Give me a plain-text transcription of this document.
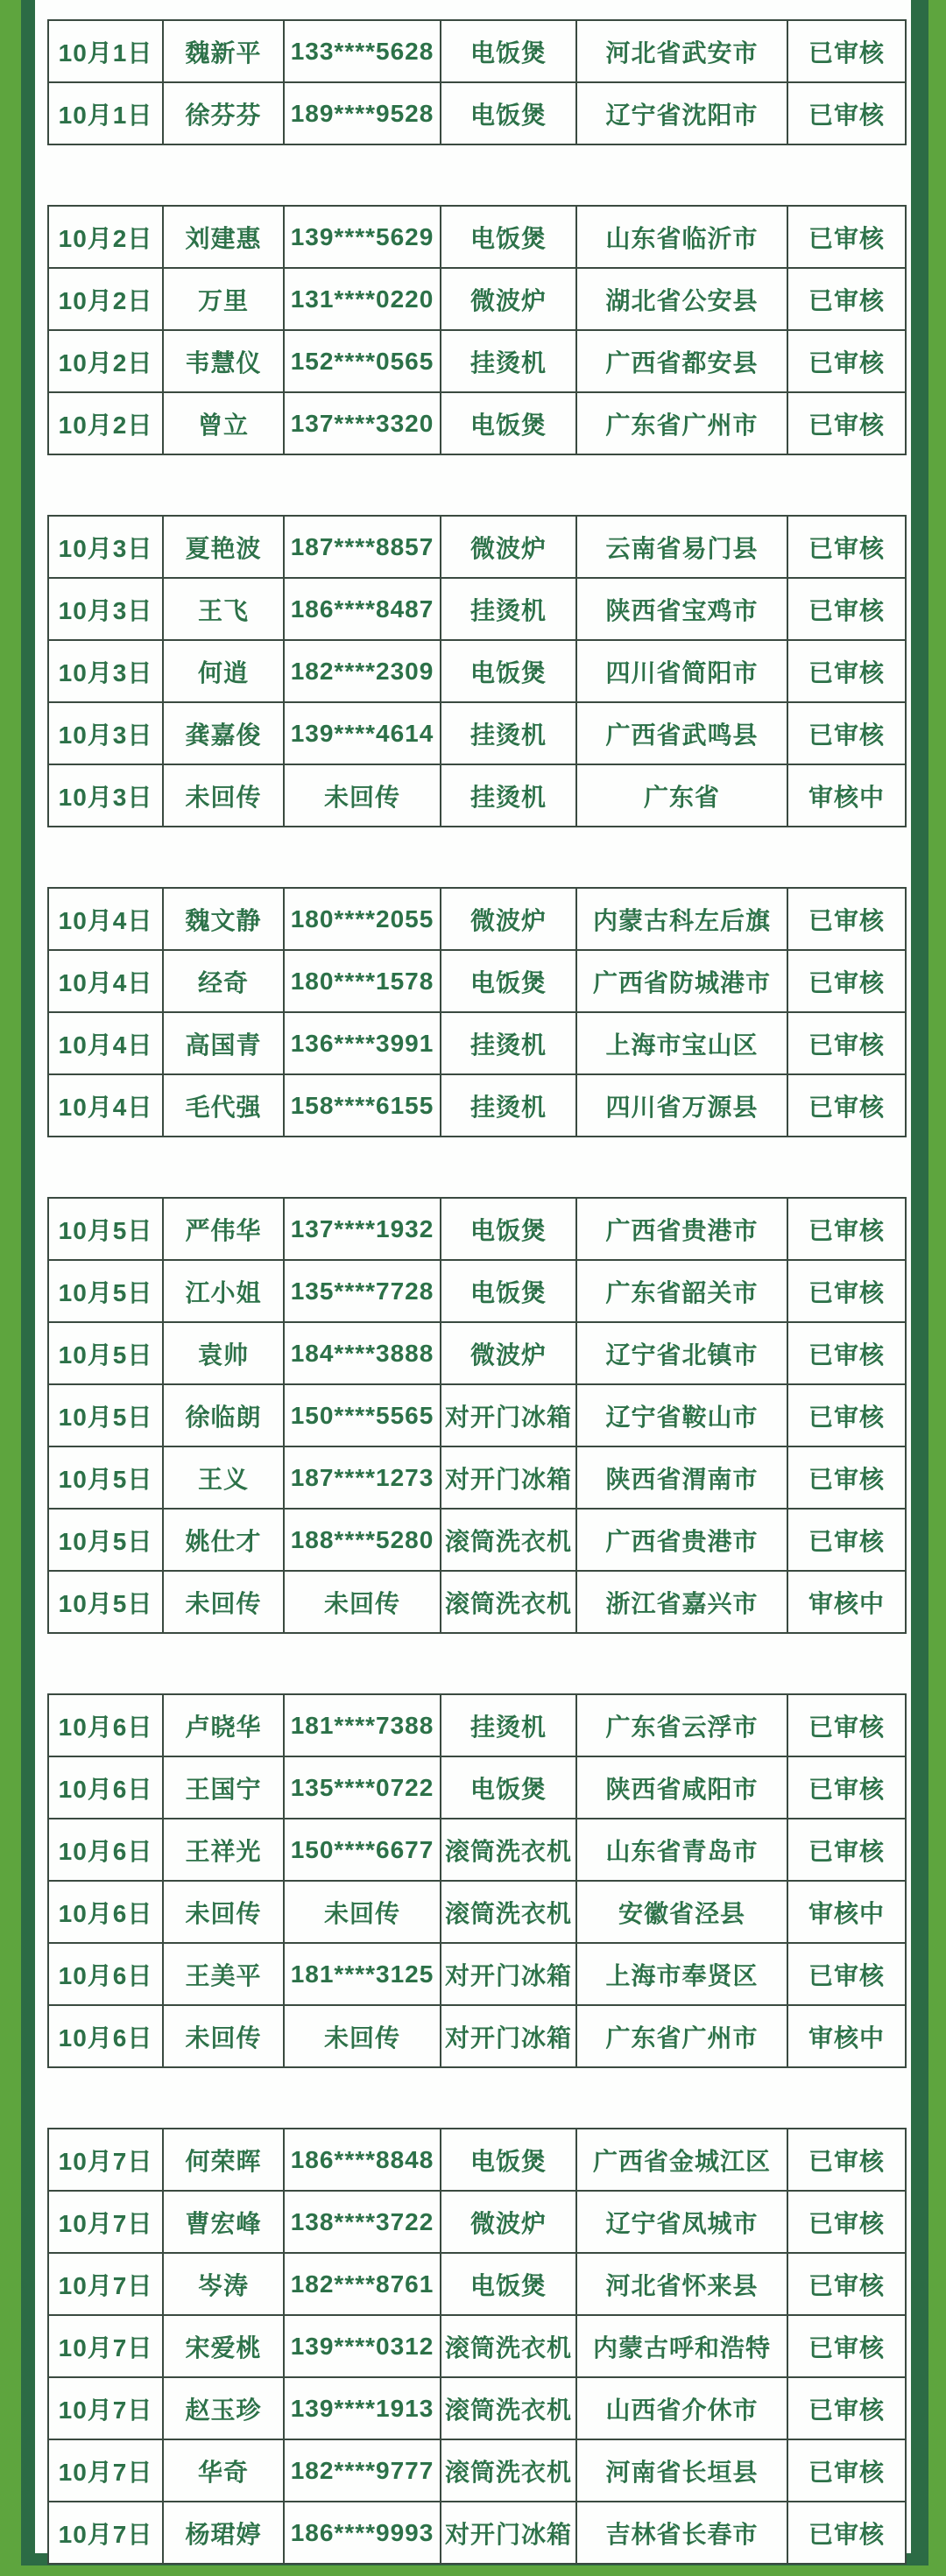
10月1日	魏新平	133****5628	电饭煲	河北省武安市	已审核
10月1日	徐芬芬	189****9528	电饭煲	辽宁省沈阳市	已审核
10月2日	刘建惠	139****5629	电饭煲	山东省临沂市	已审核
10月2日	万里	131****0220	微波炉	湖北省公安县	已审核
10月2日	韦慧仪	152****0565	挂烫机	广西省都安县	已审核
10月2日	曾立	137****3320	电饭煲	广东省广州市	已审核
10月3日	夏艳波	187****8857	微波炉	云南省易门县	已审核
10月3日	王飞	186****8487	挂烫机	陕西省宝鸡市	已审核
10月3日	何逍	182****2309	电饭煲	四川省简阳市	已审核
10月3日	龚嘉俊	139****4614	挂烫机	广西省武鸣县	已审核
10月3日	未回传	未回传	挂烫机	广东省	审核中
10月4日	魏文静	180****2055	微波炉	内蒙古科左后旗	已审核
10月4日	经奇	180****1578	电饭煲	广西省防城港市	已审核
10月4日	高国青	136****3991	挂烫机	上海市宝山区	已审核
10月4日	毛代强	158****6155	挂烫机	四川省万源县	已审核
10月5日	严伟华	137****1932	电饭煲	广西省贵港市	已审核
10月5日	江小姐	135****7728	电饭煲	广东省韶关市	已审核
10月5日	袁帅	184****3888	微波炉	辽宁省北镇市	已审核
10月5日	徐临朗	150****5565	对开门冰箱	辽宁省鞍山市	已审核
10月5日	王义	187****1273	对开门冰箱	陕西省渭南市	已审核
10月5日	姚仕才	188****5280	滚筒洗衣机	广西省贵港市	已审核
10月5日	未回传	未回传	滚筒洗衣机	浙江省嘉兴市	审核中
10月6日	卢晓华	181****7388	挂烫机	广东省云浮市	已审核
10月6日	王国宁	135****0722	电饭煲	陕西省咸阳市	已审核
10月6日	王祥光	150****6677	滚筒洗衣机	山东省青岛市	已审核
10月6日	未回传	未回传	滚筒洗衣机	安徽省泾县	审核中
10月6日	王美平	181****3125	对开门冰箱	上海市奉贤区	已审核
10月6日	未回传	未回传	对开门冰箱	广东省广州市	审核中
10月7日	何荣晖	186****8848	电饭煲	广西省金城江区	已审核
10月7日	曹宏峰	138****3722	微波炉	辽宁省凤城市	已审核
10月7日	岑涛	182****8761	电饭煲	河北省怀来县	已审核
10月7日	宋爱桃	139****0312	滚筒洗衣机	内蒙古呼和浩特	已审核
10月7日	赵玉珍	139****1913	滚筒洗衣机	山西省介休市	已审核
10月7日	华奇	182****9777	滚筒洗衣机	河南省长垣县	已审核
10月7日	杨珺婷	186****9993	对开门冰箱	吉林省长春市	已审核
